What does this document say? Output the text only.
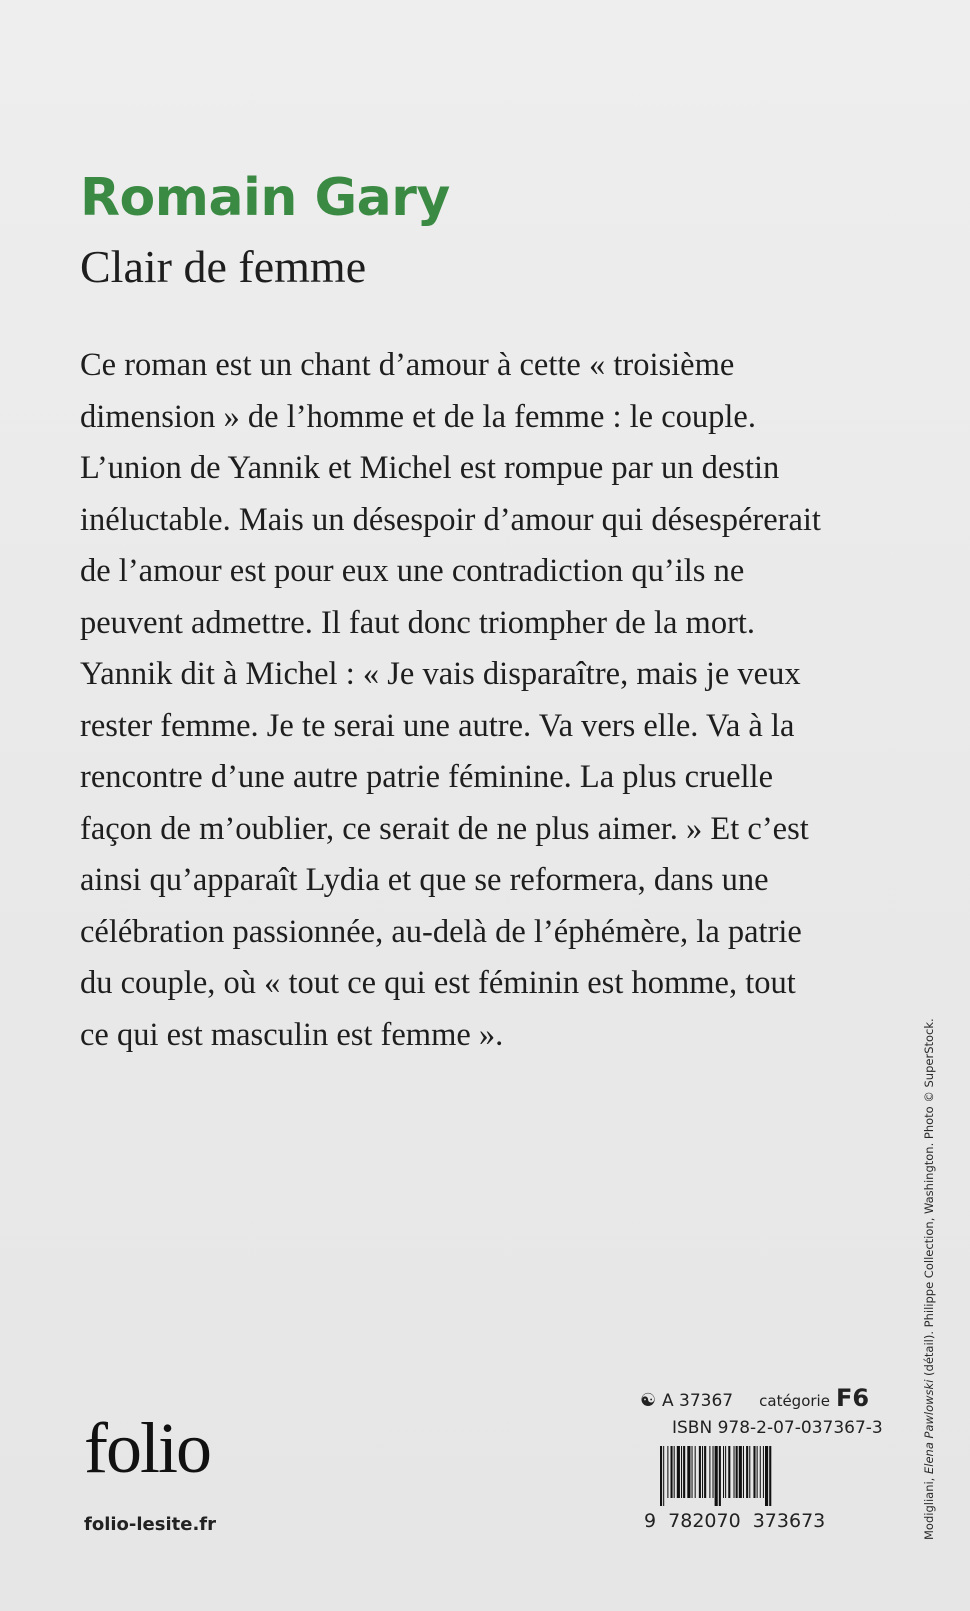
Romain Gary
Clair de femme
Ce roman est un chant d’amour à cette « troisième
dimension » de l’homme et de la femme : le couple.
L’union de Yannik et Michel est rompue par un destin
inéluctable. Mais un désespoir d’amour qui désespérerait
de l’amour est pour eux une contradiction qu’ils ne
peuvent admettre. Il faut donc triompher de la mort.
Yannik dit à Michel : « Je vais disparaître, mais je veux
rester femme. Je te serai une autre. Va vers elle. Va à la
rencontre d’une autre patrie féminine. La plus cruelle
façon de m’oublier, ce serait de ne plus aimer. » Et c’est
ainsi qu’apparaît Lydia et que se reformera, dans une
célébration passionnée, au-delà de l’éphémère, la patrie
du couple, où « tout ce qui est féminin est homme, tout
ce qui est masculin est femme ».
Modigliani, Elena Pawlowski (détail). Philippe Collection, Washington. Photo © SuperStock.
folio
folio-lesite.fr
☯ A 37367 catégorie F6
ISBN 978-2-07-037367-3
9 782070 373673
